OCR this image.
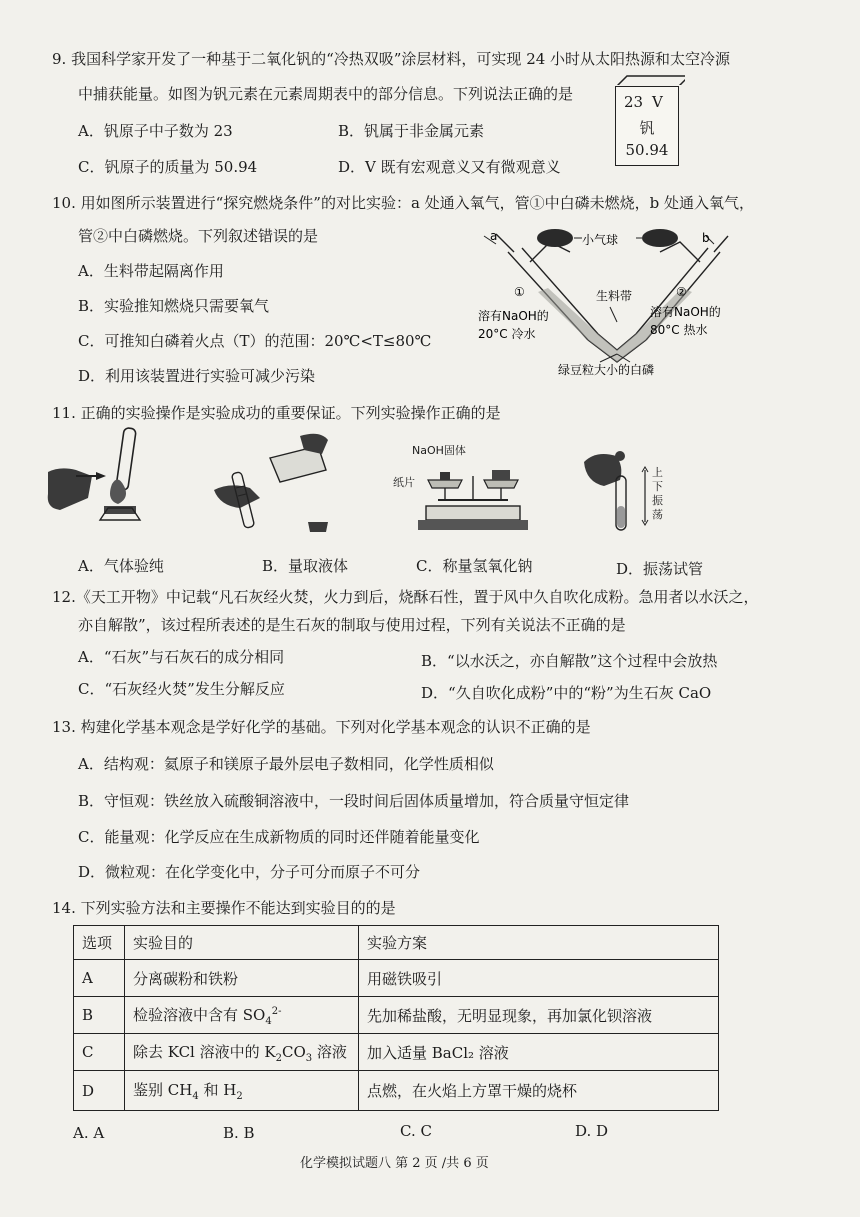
9. 我国科学家开发了一种基于二氧化钒的“冷热双吸”涂层材料，可实现 24 小时从太阳热源和太空冷源
中捕获能量。如图为钒元素在元素周期表中的部分信息。下列说法正确的是
A．钒原子中子数为 23	B．钒属于非金属元素
C．钒原子的质量为 50.94	D．V 既有宏观意义又有微观意义
23 V
钒
50.94
10. 用如图所示装置进行“探究燃烧条件”的对比实验：a 处通入氧气，管①中白磷未燃烧，b 处通入氧气，
管②中白磷燃烧。下列叙述错误的是
A．生料带起隔离作用
B．实验推知燃烧只需要氧气
C．可推知白磷着火点（T）的范围：20℃<T≤80℃
D．利用该装置进行实验可减少污染
a	b
小气球
①	②
生料带
溶有NaOH的
20°C 冷水
溶有NaOH的
80°C 热水
绿豆粒大小的白磷
11. 正确的实验操作是实验成功的重要保证。下列实验操作正确的是
NaOH固体
纸片
上
下
振
荡
A．气体验纯	B．量取液体	C．称量氢氧化钠	D．振荡试管
12.《天工开物》中记载“凡石灰经火焚，火力到后，烧酥石性，置于风中久自吹化成粉。急用者以水沃之，
亦自解散”，该过程所表述的是生石灰的制取与使用过程，下列有关说法不正确的是
A．“石灰”与石灰石的成分相同	B．“以水沃之，亦自解散”这个过程中会放热
C．“石灰经火焚”发生分解反应	D．“久自吹化成粉”中的“粉”为生石灰 CaO
13. 构建化学基本观念是学好化学的基础。下列对化学基本观念的认识不正确的是
A．结构观：氦原子和镁原子最外层电子数相同，化学性质相似
B．守恒观：铁丝放入硫酸铜溶液中，一段时间后固体质量增加，符合质量守恒定律
C．能量观：化学反应在生成新物质的同时还伴随着能量变化
D．微粒观：在化学变化中，分子可分而原子不可分
14. 下列实验方法和主要操作不能达到实验目的的是
选项	实验目的	实验方案
A	分离碳粉和铁粉	用磁铁吸引
B	检验溶液中含有 $SO_4^{2-}$	先加稀盐酸，无明显现象，再加氯化钡溶液
C	除去 KCl 溶液中的 $K_2CO_3$ 溶液	加入适量 BaCl₂ 溶液
D	鉴别 $CH_4$ 和 $H_2$	点燃，在火焰上方罩干燥的烧杯
A. A	B. B	C. C	D. D
化学模拟试题八 第 2 页 /共 6 页
